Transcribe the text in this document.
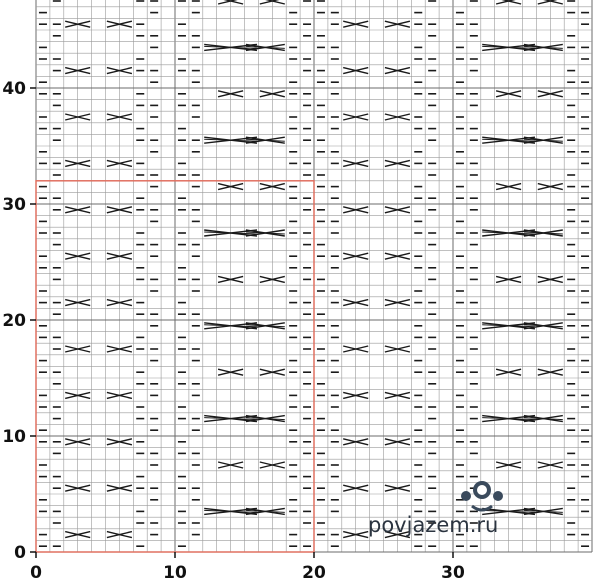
0	10	20	30
0
10
20
30
40
povjazem.ru
